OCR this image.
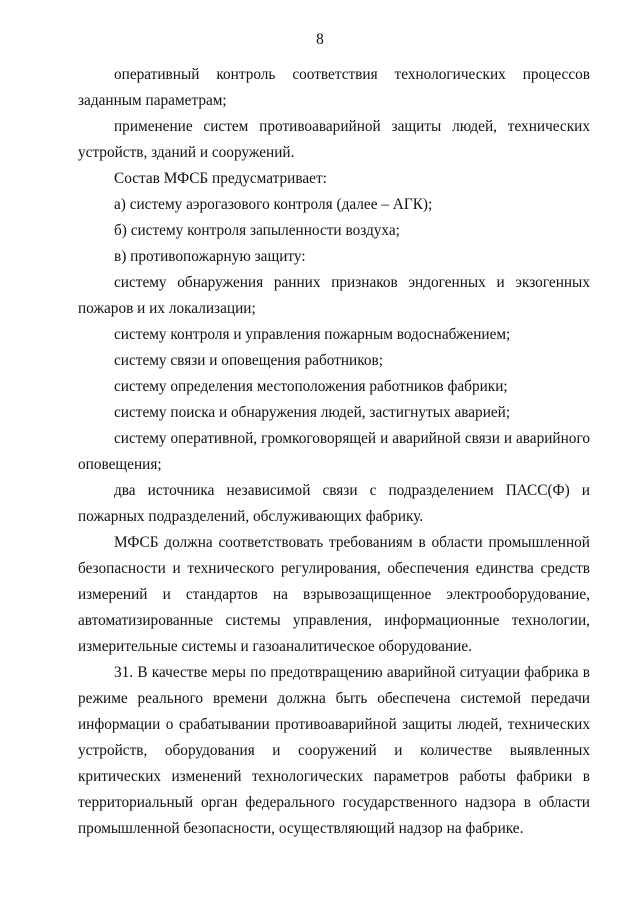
8

оперативный контроль соответствия технологических процессов заданным параметрам;

применение систем противоаварийной защиты людей, технических устройств, зданий и сооружений.

Состав МФСБ предусматривает:

а) систему аэрогазового контроля (далее – АГК);

б) систему контроля запыленности воздуха;

в) противопожарную защиту:

систему обнаружения ранних признаков эндогенных и экзогенных пожаров и их локализации;

систему контроля и управления пожарным водоснабжением;

систему связи и оповещения работников;

систему определения местоположения работников фабрики;

систему поиска и обнаружения людей, застигнутых аварией;

систему оперативной, громкоговорящей и аварийной связи и аварийного оповещения;

два источника независимой связи с подразделением ПАСС(Ф) и пожарных подразделений, обслуживающих фабрику.

МФСБ должна соответствовать требованиям в области промышленной безопасности и технического регулирования, обеспечения единства средств измерений и стандартов на взрывозащищенное электрооборудование, автоматизированные системы управления, информационные технологии, измерительные системы и газоаналитическое оборудование.

31. В качестве меры по предотвращению аварийной ситуации фабрика в режиме реального времени должна быть обеспечена системой передачи информации о срабатывании противоаварийной защиты людей, технических устройств, оборудования и сооружений и количестве выявленных критических изменений технологических параметров работы фабрики в территориальный орган федерального государственного надзора в области промышленной безопасности, осуществляющий надзор на фабрике.
